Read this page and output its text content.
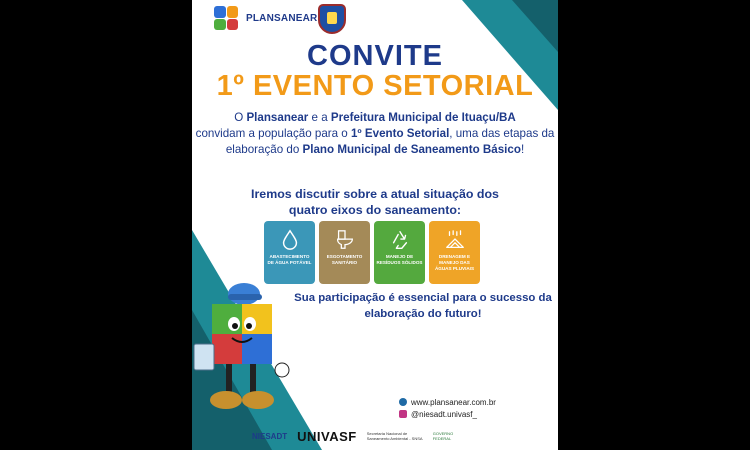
PLANSANEAR
CONVITE
1º EVENTO SETORIAL
O Plansanear e a Prefeitura Municipal de Ituaçu/BA
convidam a população para o 1º Evento Setorial, uma das etapas da elaboração do Plano Municipal de Saneamento Básico!
Iremos discutir sobre a atual situação dos quatro eixos do saneamento:
ABASTECIMENTO DE ÁGUA POTÁVEL
ESGOTAMENTO SANITÁRIO
MANEJO DE RESÍDUOS SÓLIDOS
DRENAGEM E MANEJO DAS ÁGUAS PLUVIAIS
Sua participação é essencial para o sucesso da elaboração do futuro!
www.plansanear.com.br
@niesadt.univasf_
NIESADT UNIVASF	Secretaria Nacional de Saneamento Ambiental - SNSA
GOVERNO FEDERAL
